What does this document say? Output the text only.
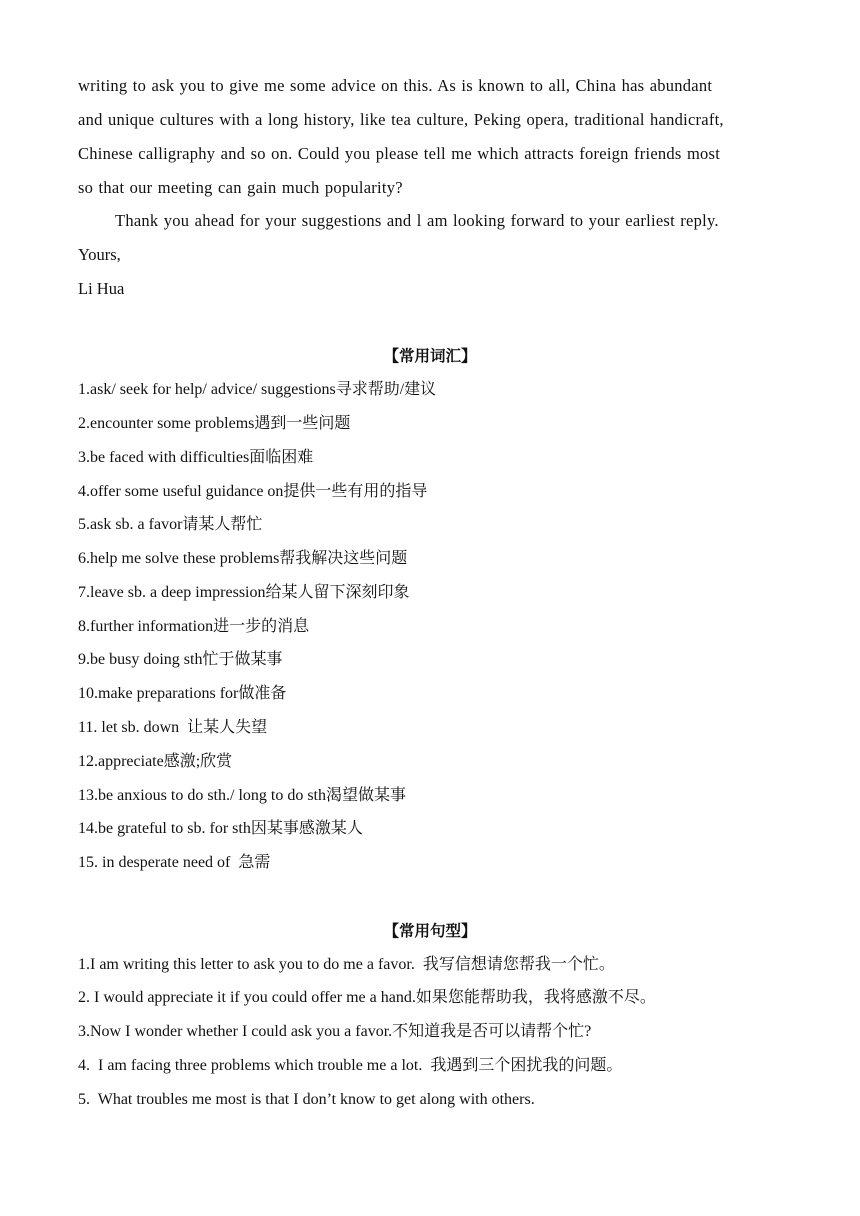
writing to ask you to give me some advice on this. As is known to all, China has abundant
and unique cultures with a long history, like tea culture, Peking opera, traditional handicraft,
Chinese calligraphy and so on. Could you please tell me which attracts foreign friends most
so that our meeting can gain much popularity?
Thank you ahead for your suggestions and l am looking forward to your earliest reply.
Yours,
Li Hua
【常用词汇】
1.ask/ seek for help/ advice/ suggestions寻求帮助/建议
2.encounter some problems遇到一些问题
3.be faced with difficulties面临困难
4.offer some useful guidance on提供一些有用的指导
5.ask sb. a favor请某人帮忙
6.help me solve these problems帮我解决这些问题
7.leave sb. a deep impression给某人留下深刻印象
8.further information进一步的消息
9.be busy doing sth忙于做某事
10.make preparations for做准备
11. let sb. down  让某人失望
12.appreciate感激;欣赏
13.be anxious to do sth./ long to do sth渴望做某事
14.be grateful to sb. for sth因某事感激某人
15. in desperate need of  急需
【常用句型】
1.I am writing this letter to ask you to do me a favor.  我写信想请您帮我一个忙。
2. I would appreciate it if you could offer me a hand.如果您能帮助我，我将感激不尽。
3.Now I wonder whether I could ask you a favor.不知道我是否可以请帮个忙?
4.  I am facing three problems which trouble me a lot.  我遇到三个困扰我的问题。
5.  What troubles me most is that I don’t know to get along with others.
